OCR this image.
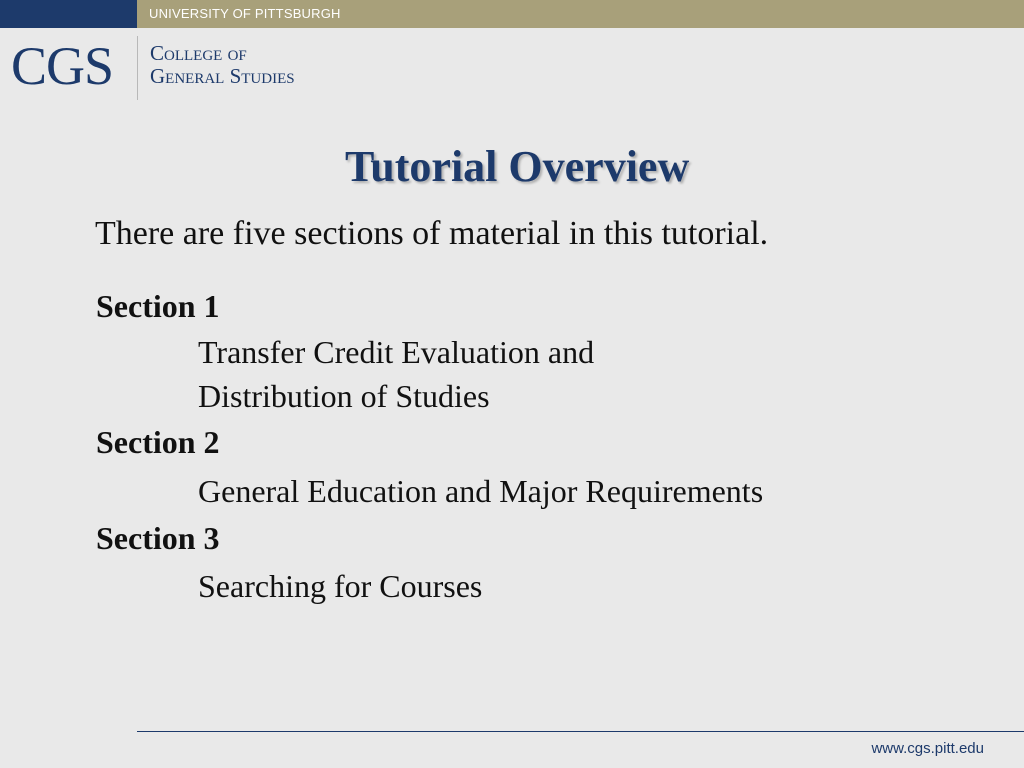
UNIVERSITY OF PITTSBURGH
CGS College of
General Studies
Tutorial Overview
There are five sections of material in this tutorial.
Section 1
Transfer Credit Evaluation and
Distribution of Studies
Section 2
General Education and Major Requirements
Section 3
Searching for Courses
www.cgs.pitt.edu
